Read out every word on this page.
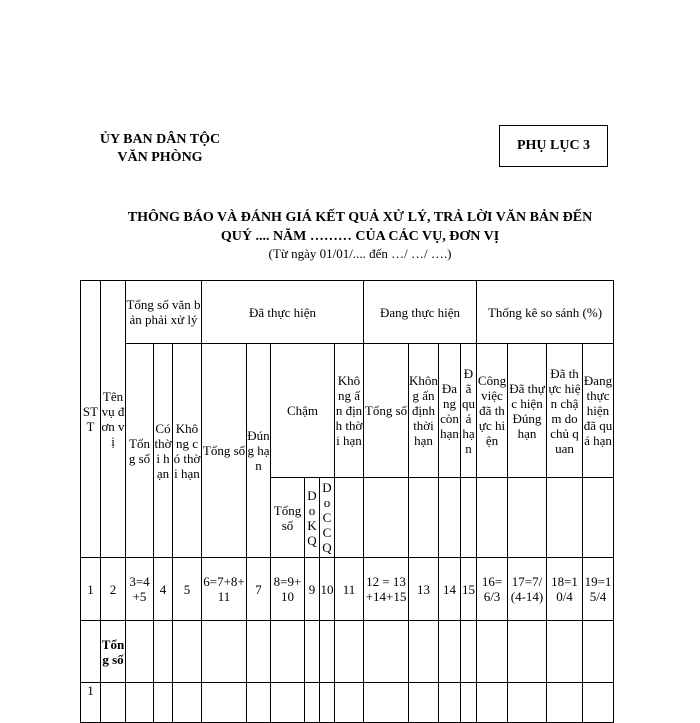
ỦY BAN DÂN TỘC
VĂN PHÒNG
PHỤ LỤC 3
THÔNG BÁO VÀ ĐÁNH GIÁ KẾT QUẢ XỬ LÝ, TRẢ LỜI VĂN BẢN ĐẾN
QUÝ .... NĂM ……… CỦA CÁC VỤ, ĐƠN VỊ
(Từ ngày 01/01/.... đến …/ …/ ….)
STT	Tên vụ đơn vị	Tổng số văn bản phải xử lý			Đã thực hiện						Đang thực hiện				Thống kê so sánh (%)			
		Tổng số	Có thời hạn	Không có thời hạn	Tổng số	Đúng hạn	Chậm			Không ấn định thời hạn	Tổng số	Không ấn định thời hạn	Đang còn hạn	Đã quá hạn	Công việc đã thực hiện	Đã thực hiện Đúng hạn	Đã thực hiện chậm do chủ quan	Đang thực hiện đã quá hạn
							Tổng số	Do KQ	Do CCQ									
1	2	3=4+5	4	5	6=7+8+11	7	8=9+10	9	10	11	12 = 13+14+15	13	14	15	16=6/3	17=7/(4-14)	18=10/4	19=15/4
	Tổng số																	
1																		
